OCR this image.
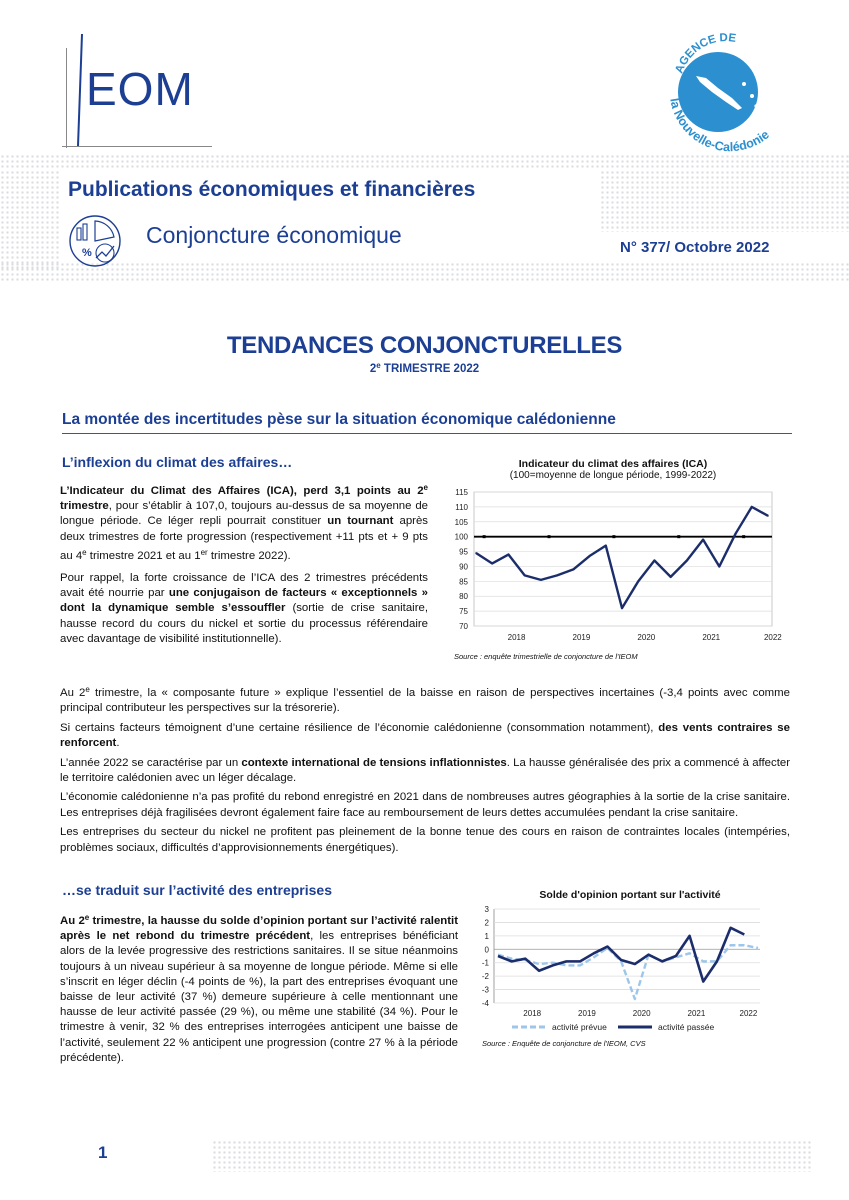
EOM	AGENCE DE
la Nouvelle-Calédonie
Publications économiques et financières
%
Conjoncture économique	N° 377/ Octobre 2022
TENDANCES CONJONCTURELLES
2e TRIMESTRE 2022
La montée des incertitudes pèse sur la situation économique calédonienne
L’inflexion du climat des affaires…

L’Indicateur du Climat des Affaires (ICA), perd 3,1 points au 2e trimestre, pour s’établir à 107,0, toujours au-dessus de sa moyenne de longue période. Ce léger repli pourrait constituer un tournant après deux trimestres de forte progression (respectivement +11 pts et + 9 pts au 4e trimestre 2021 et au 1er trimestre 2022).

Pour rappel, la forte croissance de l’ICA des 2 trimestres précédents avait été nourrie par une conjugaison de facteurs « exceptionnels » dont la dynamique semble s’essouffler (sortie de crise sanitaire, hausse record du cours du nickel et sortie du processus référendaire avec davantage de visibilité institutionnelle).

Indicateur du climat des affaires (ICA)
(100=moyenne de longue période, 1999-2022)
70
75
80
85
90
95
100
105
110
115
2018	2019	2020	2021	2022
Source : enquête trimestrielle de conjoncture de l'IEOM

Au 2e trimestre, la « composante future » explique l’essentiel de la baisse en raison de perspectives incertaines (-3,4 points avec comme principal contributeur les perspectives sur la trésorerie).

Si certains facteurs témoignent d’une certaine résilience de l’économie calédonienne (consommation notamment), des vents contraires se renforcent.

L’année 2022 se caractérise par un contexte international de tensions inflationnistes. La hausse généralisée des prix a commencé à affecter le territoire calédonien avec un léger décalage.

L’économie calédonienne n’a pas profité du rebond enregistré en 2021 dans de nombreuses autres géographies à la sortie de la crise sanitaire. Les entreprises déjà fragilisées devront également faire face au remboursement de leurs dettes accumulées pendant la crise sanitaire.

Les entreprises du secteur du nickel ne profitent pas pleinement de la bonne tenue des cours en raison de contraintes locales (intempéries, problèmes sociaux, difficultés d’approvisionnements énergétiques).

…se traduit sur l’activité des entreprises

Au 2e trimestre, la hausse du solde d’opinion portant sur l’activité ralentit après le net rebond du trimestre précédent, les entreprises bénéficiant alors de la levée progressive des restrictions sanitaires. Il se situe néanmoins toujours à un niveau supérieur à sa moyenne de longue période. Même si elle s’inscrit en léger déclin (-4 points de %), la part des entreprises évoquant une baisse de leur activité (37 %) demeure supérieure à celle mentionnant une hausse de leur activité passée (29 %), ou même une stabilité (34 %). Pour le trimestre à venir, 32 % des entreprises interrogées anticipent une baisse de l’activité, seulement 22 % anticipent une progression (contre 27 % à la période précédente).

Solde d'opinion portant sur l'activité
-4
-3
-2
-1
0
1
2
3
2018	2019	2020	2021	2022
activité prévue	activité passée
Source : Enquête de conjoncture de l'IEOM, CVS
1
